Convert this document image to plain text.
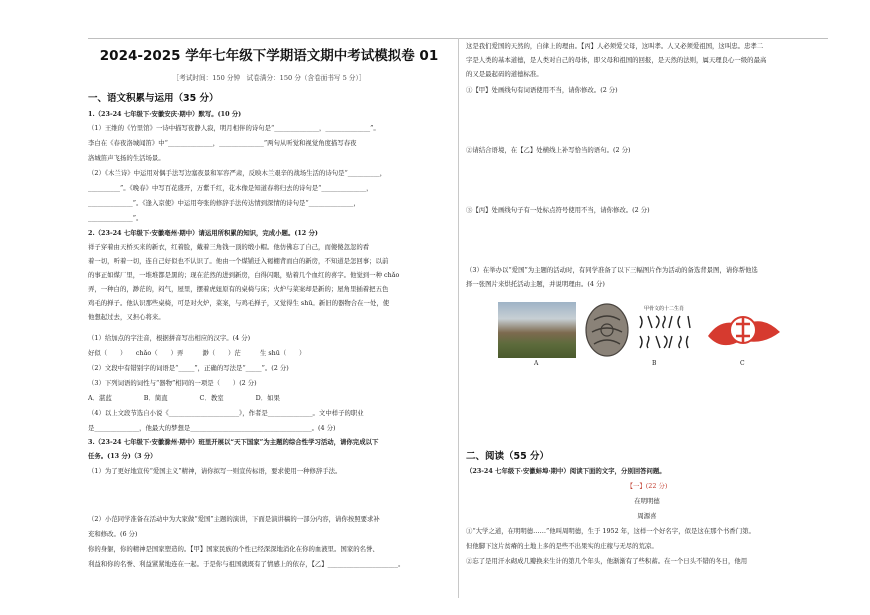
2024-2025 学年七年级下学期语文期中考试模拟卷 01
［考试时间：150 分钟　试卷满分：150 分（含卷面书写 5 分）］
一、语文积累与运用（35 分）
1.（23-24 七年级下·安徽安庆·期中）默写。(10 分)
（1）王维的《竹里馆》一诗中描写夜静人寂，明月相伴的诗句是“______________，______________”。
李白在《春夜洛城闻笛》中“______________，______________”两句从听觉和视觉角度描写春夜
洛城笛声飞扬的生活场景。
（2）《木兰诗》中运用对偶手法写边塞夜景和军容严肃，反映木兰艰辛的战场生活的诗句是“__________，
__________”。《晚春》中写百花盛开，万紫千红，花木像是知道春将归去的诗句是“______________，
______________”。《逢入京使》中运用夸张的修辞手法传达情到深情的诗句是“______________，
______________”。
2.（23-24 七年级下·安徽亳州·期中）请运用所积累的知识，完成小题。(12 分)
祥子穿着由天桥买来的新衣，红着脸，戴着三角钱一顶的缎小帽。他仿佛忘了自己，而傻傻忽忽的看
着一切，听着一切，连自己好似也不认识了。他由一个煤铺迁入褐棚背而白的新房，不知道是怎回事；以前
的事正如煤厂里，一堆堆都是黑的；现在茫然的进到新房，白得闪眼，贴着几个血红的喜字。他觉到一种 chǎo
弄，一种白的，渺茫的，闷气，屋里，摆着虎妞原有的桌椅与床；火炉与菜案却是新的；屋角里插着把五色
鸡毛的掸子。他认识那些桌椅，可是对火炉，菜案，与鸡毛掸子，又觉得生 shū。新旧的器物合在一处，使
他想起过去，又担心将来。
（1）给加点的字注音，根据拼音写出相应的汉字。(4 分)
好似（　　）　　chǎo（　　）弄　　　渺（　　）茫　　　生 shū（　　）
（2）文段中有错别字的词语是“_____”，正确的写法是“_____”。(2 分)
（3）下列词语的词性与“器物”相同的一项是（　　）(2 分)
A．湛蓝　　　　　B．简直　　　　　C．教室　　　　　D．如果
（4）以上文段节选自小说《______________________》，作者是______________。文中样子的职业
是______________，他最大的梦想是______________________________________。(4 分)
3.（23-24 七年级下·安徽滁州·期中）班里开展以“天下国家”为主题的综合性学习活动，请你完成以下
任务。(13 分)（3 分）
（1）为了更好地宣传“爱国主义”精神，请你拟写一则宣传标语，要求使用一种修辞手法。
（2）小范同学准备在活动中为大家做“爱国”主题的演讲，下面是演讲稿的一部分内容，请你按照要求补
充和修改。(6 分)
你的身躯，你的精神是国家塑造的。【甲】国家民族的个性已经深深地消化在你的血液里。国家的名誉、
利益和你的名誉、利益紧紧地连在一起。于是你与祖国就既有了情感上的依存，【乙】______________________。
这是我们爱国的天然的，自律上的理由。【丙】人必须爱父母，这叫孝。人又必须爱祖国，这叫忠。忠孝二
字是人类的基本道德，是人类对自己的母体，即父母和祖国的回报，是天然的法则，属天理良心一级的最高
的又是最起码的道德标准。
①【甲】处画线句有词语使用不当，请你修改。(2 分)
②请结合语境，在【乙】处横线上补写恰当的语句。(2 分)
③【丙】处画线句子有一处标点符号使用不当，请你修改。(2 分)
（3）在举办以“爱国”为主题的活动时，有同学准备了以下三幅图片作为活动的备选背景图，请你帮他选
择一张图片来烘托活动主题，并说明理由。(4 分)
甲骨文的十二生肖
A	B	C
二、阅读（55 分）
（23-24 七年级下·安徽蚌埠·期中）阅读下面的文字，分别回答问题。
【一】(22 分)
在明明德
周源喜
①“大学之道，在明明德……”他叫周明德，生于 1952 年，这样一个好名字，似是这在那个书香门第。
但他脚下这片贫瘠的土地上多的是些不出果实的庄稼与无尽的荒凉。
②忘了是用汗水砌成几瓣换来生计的第几个年头，他渐渐有了些积蓄。在一个日头不错的冬日，他用
